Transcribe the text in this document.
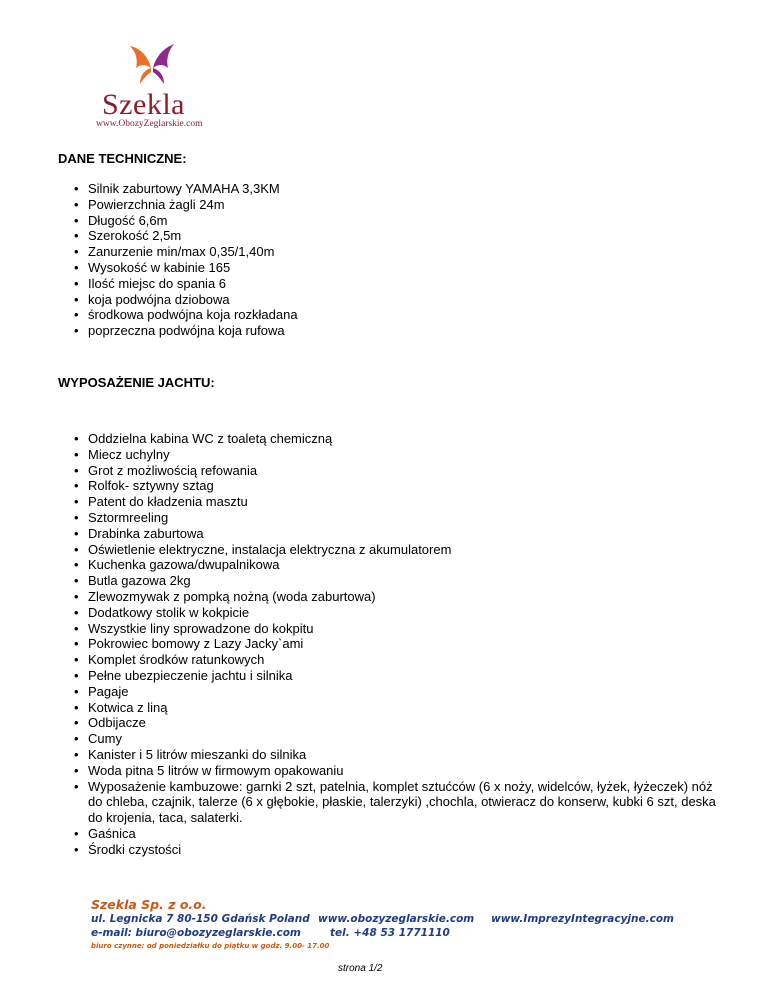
Szekla
www.ObozyZeglarskie.com
DANE TECHNICZNE:
• Silnik zaburtowy YAMAHA 3,3KM
• Powierzchnia żagli 24m
• Długość 6,6m
• Szerokość 2,5m
• Zanurzenie min/max 0,35/1,40m
• Wysokość w kabinie 165
• Ilość miejsc do spania 6
• koja podwójna dziobowa
• środkowa podwójna koja rozkładana
• poprzeczna podwójna koja rufowa
WYPOSAŻENIE JACHTU:
• Oddzielna kabina WC z toaletą chemiczną
• Miecz uchylny
• Grot z możliwością refowania
• Rolfok- sztywny sztag
• Patent do kładzenia masztu
• Sztormreeling
• Drabinka zaburtowa
• Oświetlenie elektryczne, instalacja elektryczna z akumulatorem
• Kuchenka gazowa/dwupalnikowa
• Butla gazowa 2kg
• Zlewozmywak z pompką nożną (woda zaburtowa)
• Dodatkowy stolik w kokpicie
• Wszystkie liny sprowadzone do kokpitu
• Pokrowiec bomowy z Lazy Jacky`ami
• Komplet środków ratunkowych
• Pełne ubezpieczenie jachtu i silnika
• Pagaje
• Kotwica z liną
• Odbijacze
• Cumy
• Kanister i 5 litrów mieszanki do silnika
• Woda pitna 5 litrów w firmowym opakowaniu
• Wyposażenie kambuzowe: garnki 2 szt, patelnia, komplet sztućców (6 x noży, widelców, łyżek, łyżeczek) nóż do chleba, czajnik, talerze (6 x głębokie, płaskie, talerzyki) ,chochla, otwieracz do konserw, kubki 6 szt, deska do krojenia, taca, salaterki.
• Gaśnica
• Środki czystości
Szekla Sp. z o.o.
ul. Legnicka 7 80-150 Gdańsk Poland www.obozyzeglarskie.com www.ImprezyIntegracyjne.com
e-mail: biuro@obozyzeglarskie.com	tel. +48 53 1771110
biuro czynne: od poniedziałku do piątku w godz. 9.00- 17.00
strona 1/2
